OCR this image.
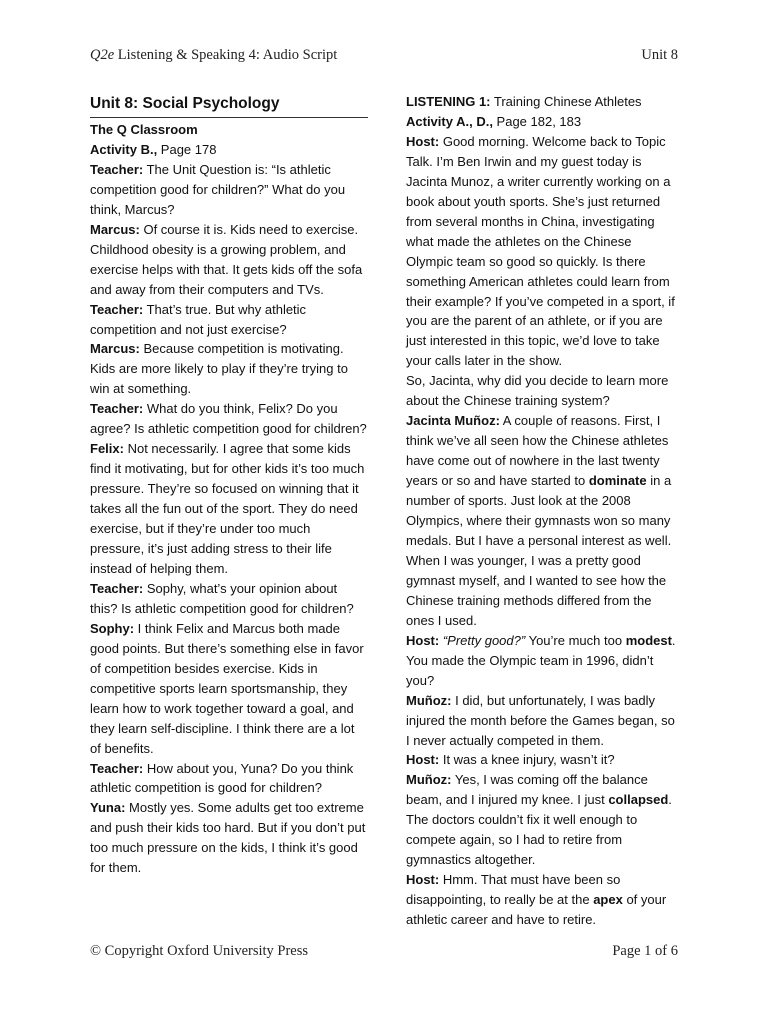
Q2e Listening & Speaking 4: Audio Script	Unit 8
Unit 8: Social Psychology

The Q Classroom

Activity B., Page 178

Teacher: The Unit Question is: “Is athletic competition good for children?” What do you think, Marcus?

Marcus: Of course it is. Kids need to exercise. Childhood obesity is a growing problem, and exercise helps with that. It gets kids off the sofa and away from their computers and TVs.

Teacher: That’s true. But why athletic competition and not just exercise?

Marcus: Because competition is motivating. Kids are more likely to play if they’re trying to win at something.

Teacher: What do you think, Felix? Do you agree? Is athletic competition good for children?

Felix: Not necessarily. I agree that some kids find it motivating, but for other kids it’s too much pressure. They’re so focused on winning that it takes all the fun out of the sport. They do need exercise, but if they’re under too much pressure, it’s just adding stress to their life instead of helping them.

Teacher: Sophy, what’s your opinion about this? Is athletic competition good for children?

Sophy: I think Felix and Marcus both made good points. But there’s something else in favor of competition besides exercise. Kids in competitive sports learn sportsmanship, they learn how to work together toward a goal, and they learn self-discipline. I think there are a lot of benefits.

Teacher: How about you, Yuna? Do you think athletic competition is good for children?

Yuna: Mostly yes. Some adults get too extreme and push their kids too hard. But if you don’t put too much pressure on the kids, I think it’s good for them.

LISTENING 1: Training Chinese Athletes

Activity A., D., Page 182, 183

Host: Good morning. Welcome back to Topic Talk. I’m Ben Irwin and my guest today is Jacinta Munoz, a writer currently working on a book about youth sports. She’s just returned from several months in China, investigating what made the athletes on the Chinese Olympic team so good so quickly. Is there something American athletes could learn from their example? If you’ve competed in a sport, if you are the parent of an athlete, or if you are just interested in this topic, we’d love to take your calls later in the show.

So, Jacinta, why did you decide to learn more about the Chinese training system?

Jacinta Muñoz: A couple of reasons. First, I think we’ve all seen how the Chinese athletes have come out of nowhere in the last twenty years or so and have started to dominate in a number of sports. Just look at the 2008 Olympics, where their gymnasts won so many medals. But I have a personal interest as well. When I was younger, I was a pretty good gymnast myself, and I wanted to see how the Chinese training methods differed from the ones I used.

Host: “Pretty good?” You’re much too modest. You made the Olympic team in 1996, didn’t you?

Muñoz: I did, but unfortunately, I was badly injured the month before the Games began, so I never actually competed in them.

Host: It was a knee injury, wasn’t it?

Muñoz: Yes, I was coming off the balance beam, and I injured my knee. I just collapsed. The doctors couldn’t fix it well enough to compete again, so I had to retire from gymnastics altogether.

Host: Hmm. That must have been so disappointing, to really be at the apex of your athletic career and have to retire.

© Copyright Oxford University Press	Page 1 of 6
